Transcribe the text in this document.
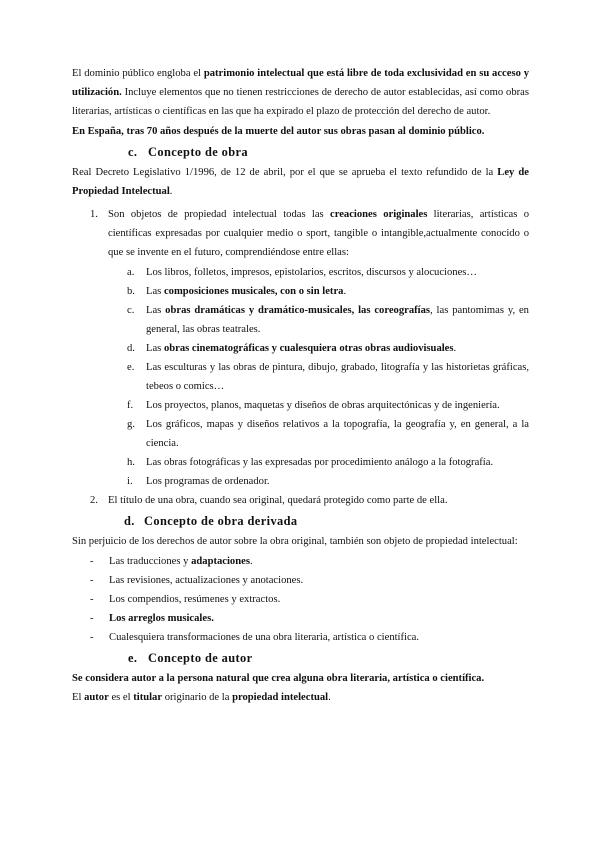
El dominio público engloba el patrimonio intelectual que está libre de toda exclusividad en su acceso y utilización. Incluye elementos que no tienen restricciones de derecho de autor establecidas, así como obras literarias, artísticas o científicas en las que ha expirado el plazo de protección del derecho de autor.

En España, tras 70 años después de la muerte del autor sus obras pasan al dominio público.

c. Concepto de obra

Real Decreto Legislativo 1/1996, de 12 de abril, por el que se aprueba el texto refundido de la Ley de Propiedad Intelectual.

1. Son objetos de propiedad intelectual todas las creaciones originales literarias, artísticas o científicas expresadas por cualquier medio o sport, tangible o intangible,actualmente conocido o que se invente en el futuro, comprendiéndose entre ellas:

a. Los libros, folletos, impresos, epistolarios, escritos, discursos y alocuciones…
b. Las composiciones musicales, con o sin letra.
c. Las obras dramáticas y dramático-musicales, las coreografías, las pantomimas y, en general, las obras teatrales.
d. Las obras cinematográficas y cualesquiera otras obras audiovisuales.
e. Las esculturas y las obras de pintura, dibujo, grabado, litografía y las historietas gráficas, tebeos o comics…
f. Los proyectos, planos, maquetas y diseños de obras arquitectónicas y de ingeniería.
g. Los gráficos, mapas y diseños relativos a la topografía, la geografía y, en general, a la ciencia.
h. Las obras fotográficas y las expresadas por procedimiento análogo a la fotografía.
i. Los programas de ordenador.
2. El título de una obra, cuando sea original, quedará protegido como parte de ella.

d. Concepto de obra derivada

Sin perjuicio de los derechos de autor sobre la obra original, también son objeto de propiedad intelectual:

- Las traducciones y adaptaciones.
- Las revisiones, actualizaciones y anotaciones.
- Los compendios, resúmenes y extractos.
- Los arreglos musicales.
- Cualesquiera transformaciones de una obra literaria, artística o científica.
e. Concepto de autor

Se considera autor a la persona natural que crea alguna obra literaria, artística o científica.

El autor es el titular originario de la propiedad intelectual.
